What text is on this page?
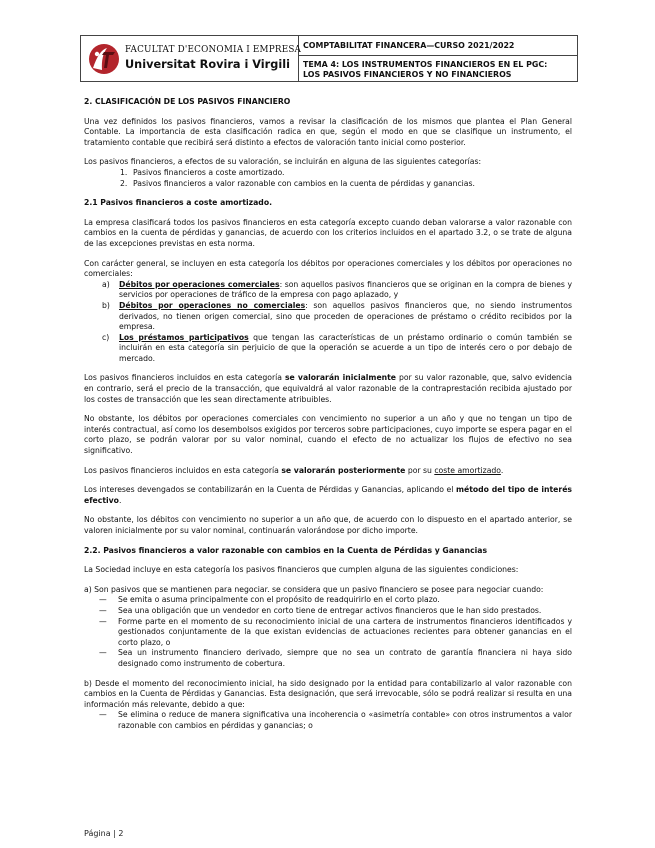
FACULTAT D'ECONOMIA I EMPRESA
Universitat Rovira i Virgili
COMPTABILITAT FINANCERA—CURSO 2021/2022
TEMA 4: LOS INSTRUMENTOS FINANCIEROS EN EL PGC:
LOS PASIVOS FINANCIEROS Y NO FINANCIEROS

2. CLASIFICACIÓN DE LOS PASIVOS FINANCIERO

Una vez definidos los pasivos financieros, vamos a revisar la clasificación de los mismos que plantea el Plan General Contable. La importancia de esta clasificación radica en que, según el modo en que se clasifique un instrumento, el tratamiento contable que recibirá será distinto a efectos de valoración tanto inicial como posterior.

Los pasivos financieros, a efectos de su valoración, se incluirán en alguna de las siguientes categorías:

1. Pasivos financieros a coste amortizado.
2. Pasivos financieros a valor razonable con cambios en la cuenta de pérdidas y ganancias.

2.1 Pasivos financieros a coste amortizado.

La empresa clasificará todos los pasivos financieros en esta categoría excepto cuando deban valorarse a valor razonable con cambios en la cuenta de pérdidas y ganancias, de acuerdo con los criterios incluidos en el apartado 3.2, o se trate de alguna de las excepciones previstas en esta norma.

Con carácter general, se incluyen en esta categoría los débitos por operaciones comerciales y los débitos por operaciones no comerciales:

a)	Débitos por operaciones comerciales: son aquellos pasivos financieros que se originan en la compra de bienes y servicios por operaciones de tráfico de la empresa con pago aplazado, y
b)	Débitos por operaciones no comerciales: son aquellos pasivos financieros que, no siendo instrumentos derivados, no tienen origen comercial, sino que proceden de operaciones de préstamo o crédito recibidos por la empresa.
c)	Los préstamos participativos que tengan las características de un préstamo ordinario o común también se incluirán en esta categoría sin perjuicio de que la operación se acuerde a un tipo de interés cero o por debajo de mercado.

Los pasivos financieros incluidos en esta categoría se valorarán inicialmente por su valor razonable, que, salvo evidencia en contrario, será el precio de la transacción, que equivaldrá al valor razonable de la contraprestación recibida ajustado por los costes de transacción que les sean directamente atribuibles.

No obstante, los débitos por operaciones comerciales con vencimiento no superior a un año y que no tengan un tipo de interés contractual, así como los desembolsos exigidos por terceros sobre participaciones, cuyo importe se espera pagar en el corto plazo, se podrán valorar por su valor nominal, cuando el efecto de no actualizar los flujos de efectivo no sea significativo.

Los pasivos financieros incluidos en esta categoría se valorarán posteriormente por su coste amortizado.

Los intereses devengados se contabilizarán en la Cuenta de Pérdidas y Ganancias, aplicando el método del tipo de interés efectivo.

No obstante, los débitos con vencimiento no superior a un año que, de acuerdo con lo dispuesto en el apartado anterior, se valoren inicialmente por su valor nominal, continuarán valorándose por dicho importe.

2.2. Pasivos financieros a valor razonable con cambios en la Cuenta de Pérdidas y Ganancias

La Sociedad incluye en esta categoría los pasivos financieros que cumplen alguna de las siguientes condiciones:

a) Son pasivos que se mantienen para negociar. se considera que un pasivo financiero se posee para negociar cuando:

—	Se emita o asuma principalmente con el propósito de readquirirlo en el corto plazo.
—	Sea una obligación que un vendedor en corto tiene de entregar activos financieros que le han sido prestados.
—	Forme parte en el momento de su reconocimiento inicial de una cartera de instrumentos financieros identificados y gestionados conjuntamente de la que existan evidencias de actuaciones recientes para obtener ganancias en el corto plazo, o
—	Sea un instrumento financiero derivado, siempre que no sea un contrato de garantía financiera ni haya sido designado como instrumento de cobertura.

b) Desde el momento del reconocimiento inicial, ha sido designado por la entidad para contabilizarlo al valor razonable con cambios en la Cuenta de Pérdidas y Ganancias. Esta designación, que será irrevocable, sólo se podrá realizar si resulta en una información más relevante, debido a que:

—	Se elimina o reduce de manera significativa una incoherencia o «asimetría contable» con otros instrumentos a valor razonable con cambios en pérdidas y ganancias; o
Página | 2
